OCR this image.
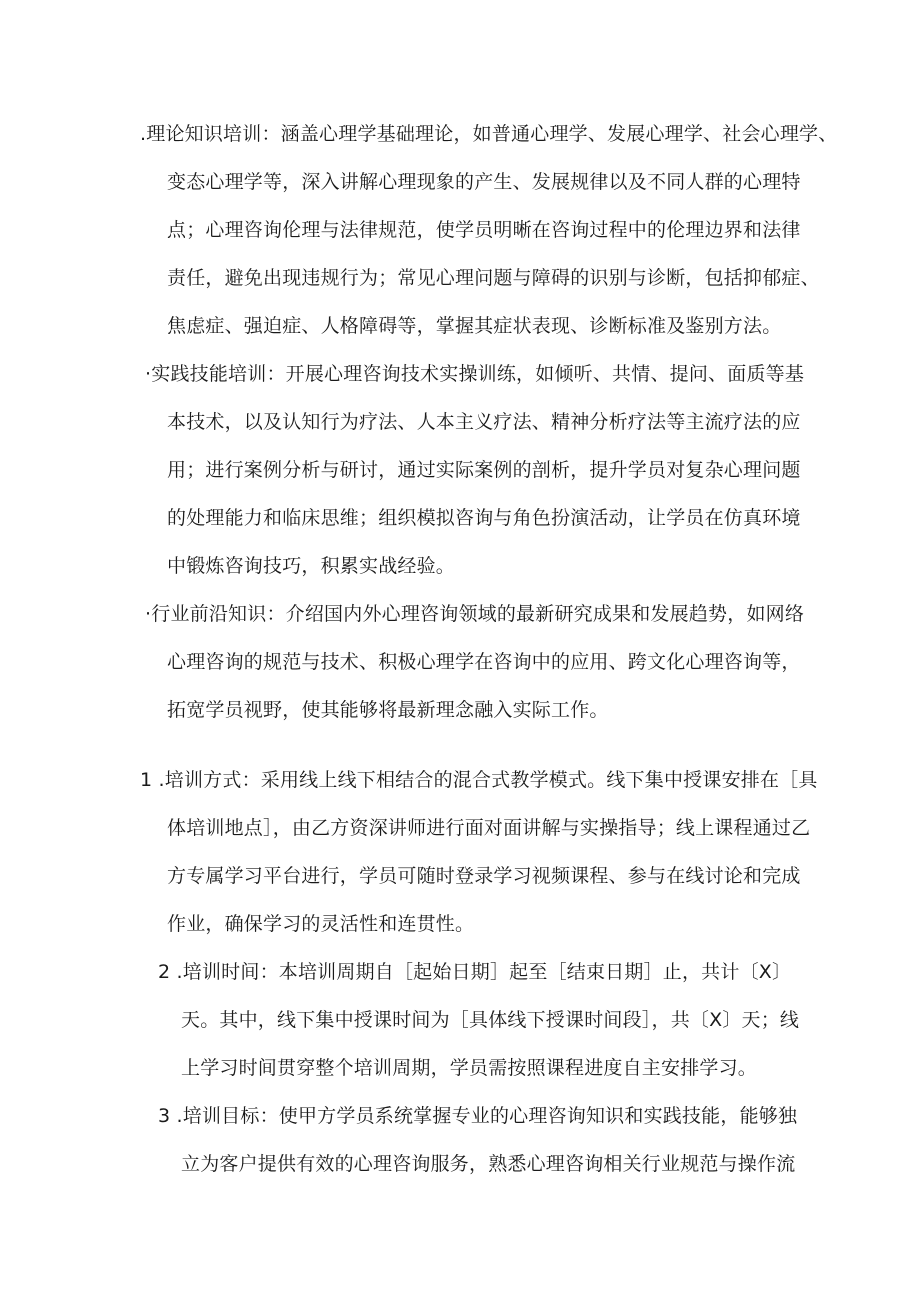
.理论知识培训：涵盖心理学基础理论，如普通心理学、发展心理学、社会心理学、
变态心理学等，深入讲解心理现象的产生、发展规律以及不同人群的心理特
点；心理咨询伦理与法律规范，使学员明晰在咨询过程中的伦理边界和法律
责任，避免出现违规行为；常见心理问题与障碍的识别与诊断，包括抑郁症、
焦虑症、强迫症、人格障碍等，掌握其症状表现、诊断标准及鉴别方法。
·实践技能培训：开展心理咨询技术实操训练，如倾听、共情、提问、面质等基
本技术，以及认知行为疗法、人本主义疗法、精神分析疗法等主流疗法的应
用；进行案例分析与研讨，通过实际案例的剖析，提升学员对复杂心理问题
的处理能力和临床思维；组织模拟咨询与角色扮演活动，让学员在仿真环境
中锻炼咨询技巧，积累实战经验。
·行业前沿知识：介绍国内外心理咨询领域的最新研究成果和发展趋势，如网络
心理咨询的规范与技术、积极心理学在咨询中的应用、跨文化心理咨询等，
拓宽学员视野，使其能够将最新理念融入实际工作。
1 .培训方式：采用线上线下相结合的混合式教学模式。线下集中授课安排在［具
体培训地点］，由乙方资深讲师进行面对面讲解与实操指导；线上课程通过乙
方专属学习平台进行，学员可随时登录学习视频课程、参与在线讨论和完成
作业，确保学习的灵活性和连贯性。
2 .培训时间：本培训周期自［起始日期］起至［结束日期］止，共计〔X〕
天。其中，线下集中授课时间为［具体线下授课时间段］，共〔X〕天；线
上学习时间贯穿整个培训周期，学员需按照课程进度自主安排学习。
3 .培训目标：使甲方学员系统掌握专业的心理咨询知识和实践技能，能够独
立为客户提供有效的心理咨询服务，熟悉心理咨询相关行业规范与操作流
